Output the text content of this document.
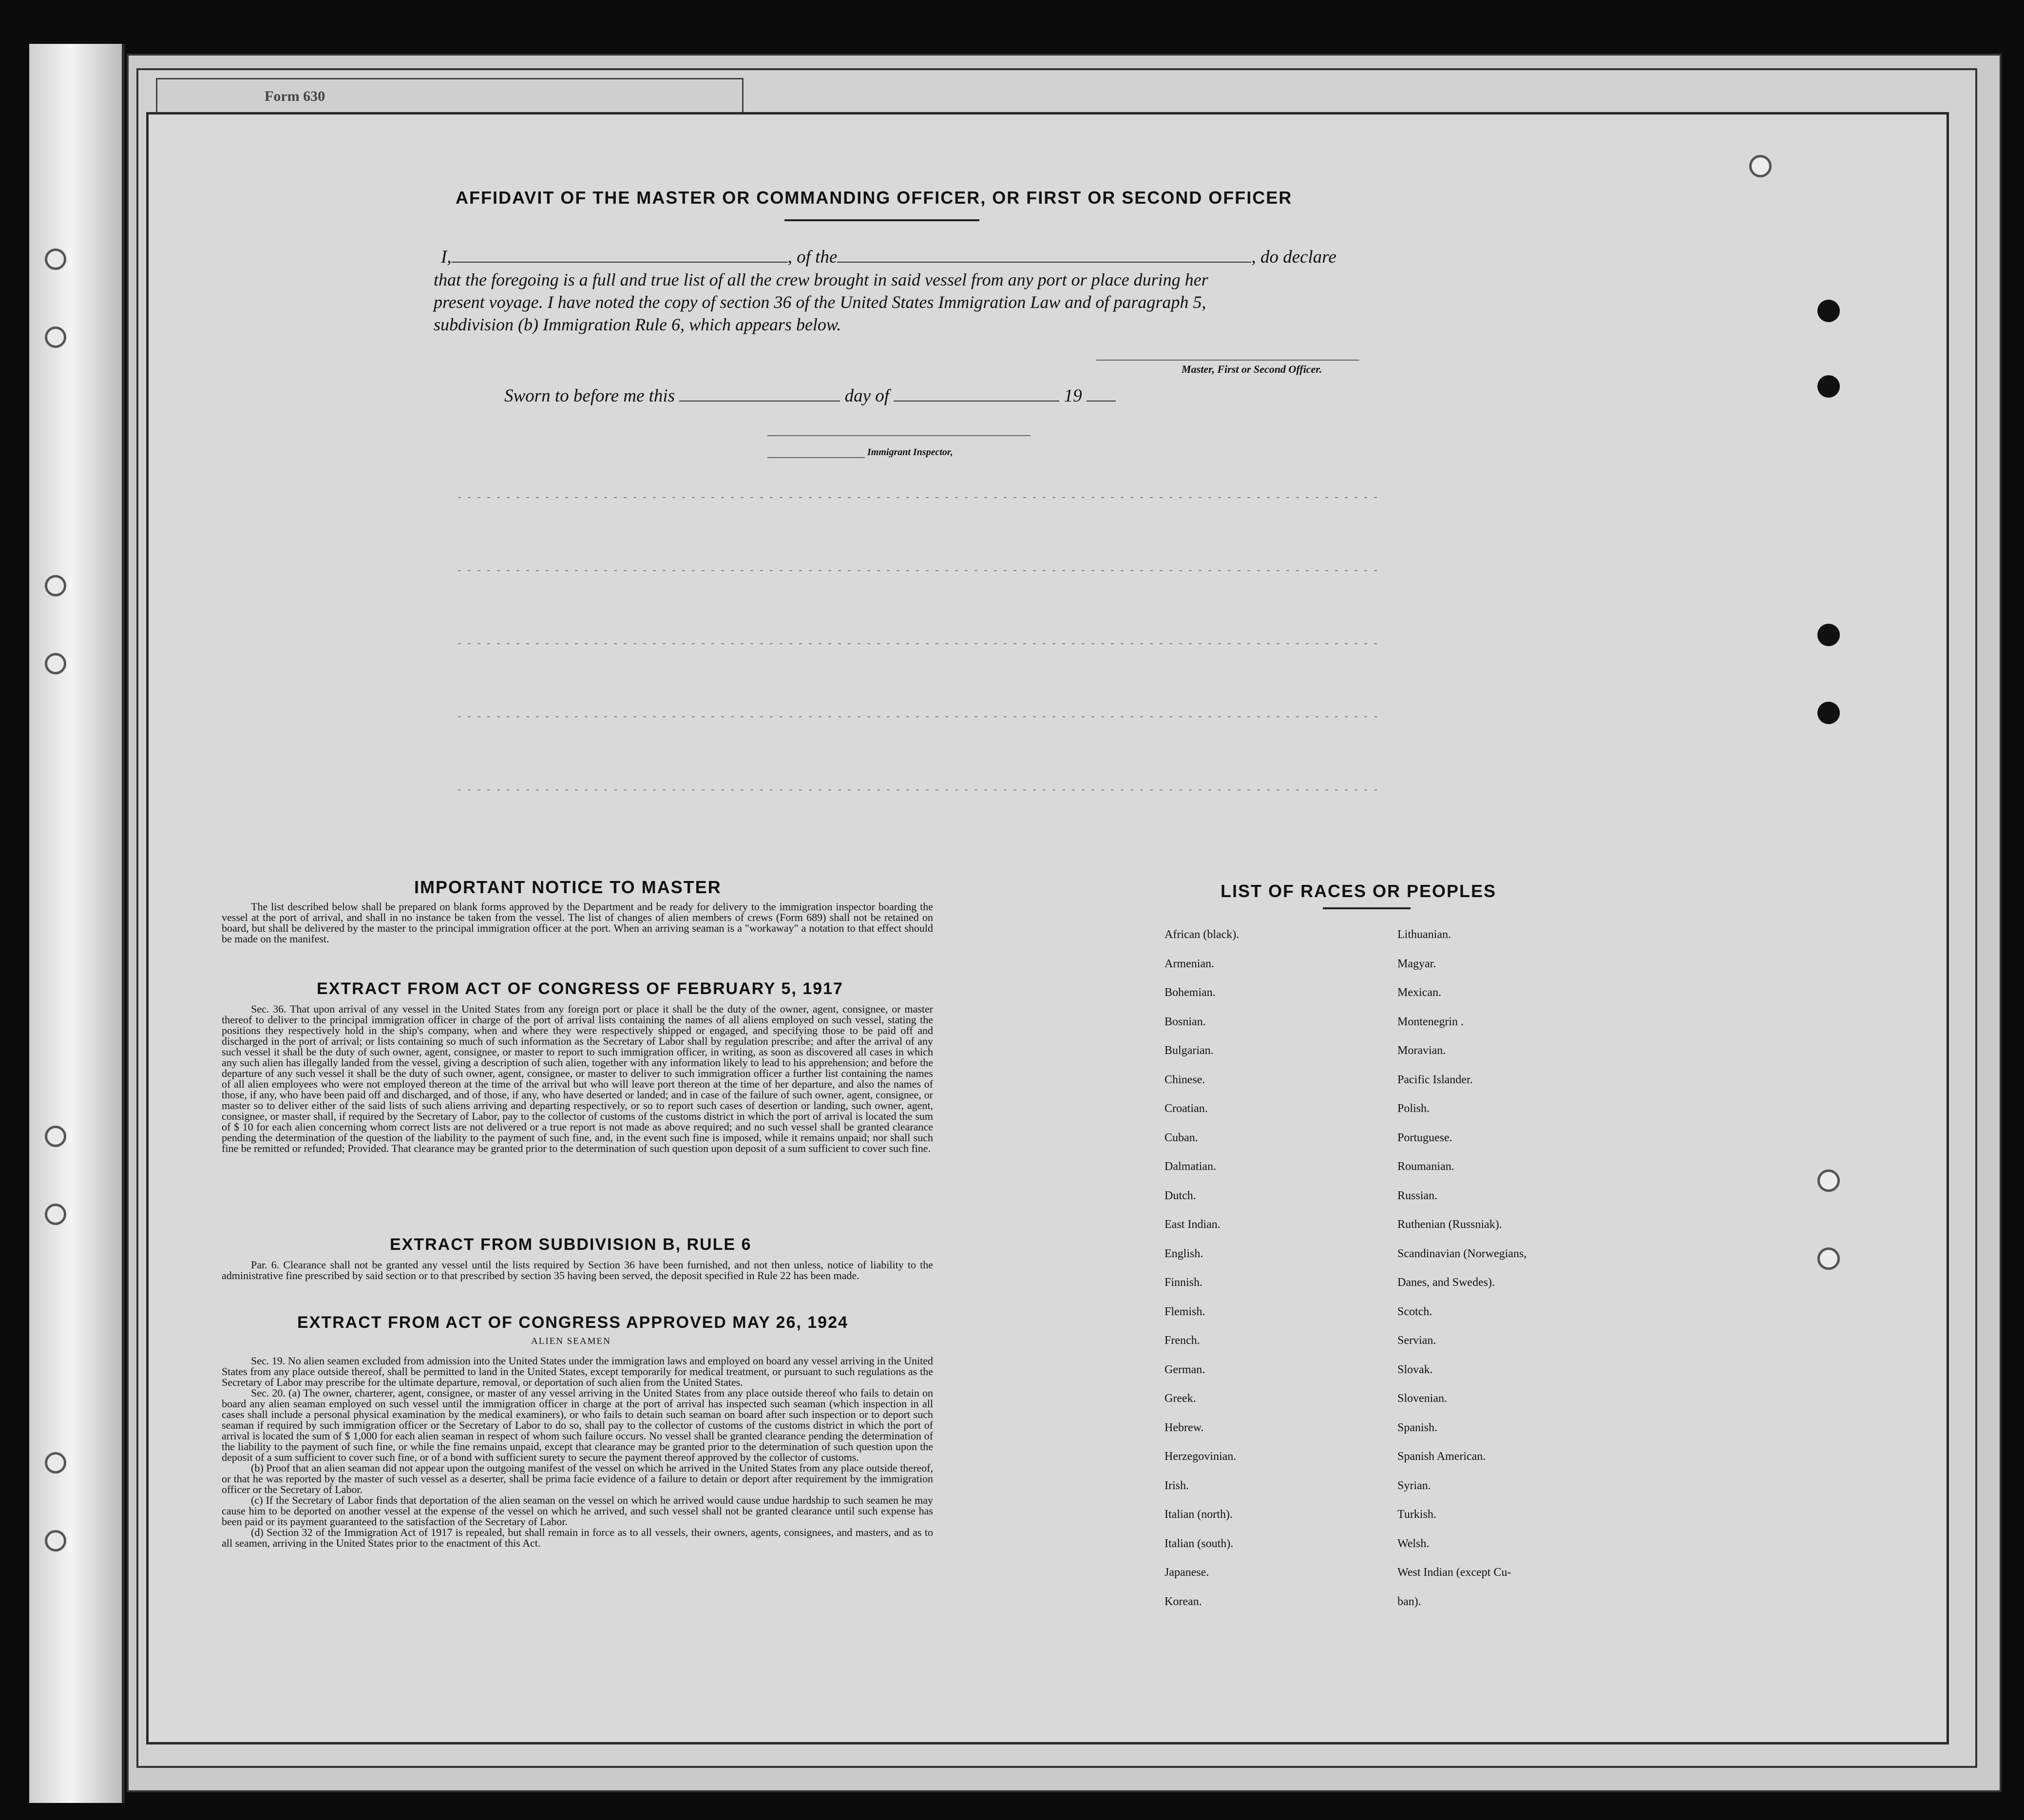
Form 630
AFFIDAVIT OF THE MASTER OR COMMANDING OFFICER, OR FIRST OR SECOND OFFICER
I,	, of the	, do declare
that the foregoing is a full and true list of all the crew brought in said vessel from any port or place during her
present voyage. I have noted the copy of section 36 of the United States Immigration Law and of paragraph 5,
subdivision (b) Immigration Rule 6, which appears below.
Master, First or Second Officer.
Sworn to before me this	day of	19
Immigrant Inspector,
IMPORTANT NOTICE TO MASTER

The list described below shall be prepared on blank forms approved by the Department and be ready for delivery to the immigration inspector boarding the vessel at the port of arrival, and shall in no instance be taken from the vessel. The list of changes of alien members of crews (Form 689) shall not be retained on board, but shall be delivered by the master to the principal immigration officer at the port. When an arriving seaman is a "workaway" a notation to that effect should be made on the manifest.

EXTRACT FROM ACT OF CONGRESS OF FEBRUARY 5, 1917

Sec. 36. That upon arrival of any vessel in the United States from any foreign port or place it shall be the duty of the owner, agent, consignee, or master thereof to deliver to the principal immigration officer in charge of the port of arrival lists containing the names of all aliens employed on such vessel, stating the positions they respectively hold in the ship's company, when and where they were respectively shipped or engaged, and specifying those to be paid off and discharged in the port of arrival; or lists containing so much of such information as the Secretary of Labor shall by regulation prescribe; and after the arrival of any such vessel it shall be the duty of such owner, agent, consignee, or master to report to such immigration officer, in writing, as soon as discovered all cases in which any such alien has illegally landed from the vessel, giving a description of such alien, together with any information likely to lead to his apprehension; and before the departure of any such vessel it shall be the duty of such owner, agent, consignee, or master to deliver to such immigration officer a further list containing the names of all alien employees who were not employed thereon at the time of the arrival but who will leave port thereon at the time of her departure, and also the names of those, if any, who have been paid off and discharged, and of those, if any, who have deserted or landed; and in case of the failure of such owner, agent, consignee, or master so to deliver either of the said lists of such aliens arriving and departing respectively, or so to report such cases of desertion or landing, such owner, agent, consignee, or master shall, if required by the Secretary of Labor, pay to the collector of customs of the customs district in which the port of arrival is located the sum of $ 10 for each alien concerning whom correct lists are not delivered or a true report is not made as above required; and no such vessel shall be granted clearance pending the determination of the question of the liability to the payment of such fine, and, in the event such fine is imposed, while it remains unpaid; nor shall such fine be remitted or refunded; Provided. That clearance may be granted prior to the determination of such question upon deposit of a sum sufficient to cover such fine.

EXTRACT FROM SUBDIVISION B, RULE 6

Par. 6. Clearance shall not be granted any vessel until the lists required by Section 36 have been furnished, and not then unless, notice of liability to the administrative fine prescribed by said section or to that prescribed by section 35 having been served, the deposit specified in Rule 22 has been made.

EXTRACT FROM ACT OF CONGRESS APPROVED MAY 26, 1924
ALIEN SEAMEN

Sec. 19. No alien seamen excluded from admission into the United States under the immigration laws and employed on board any vessel arriving in the United States from any place outside thereof, shall be permitted to land in the United States, except temporarily for medical treatment, or pursuant to such regulations as the Secretary of Labor may prescribe for the ultimate departure, removal, or deportation of such alien from the United States.

Sec. 20. (a) The owner, charterer, agent, consignee, or master of any vessel arriving in the United States from any place outside thereof who fails to detain on board any alien seaman employed on such vessel until the immigration officer in charge at the port of arrival has inspected such seaman (which inspection in all cases shall include a personal physical examination by the medical examiners), or who fails to detain such seaman on board after such inspection or to deport such seaman if required by such immigration officer or the Secretary of Labor to do so, shall pay to the collector of customs of the customs district in which the port of arrival is located the sum of $ 1,000 for each alien seaman in respect of whom such failure occurs. No vessel shall be granted clearance pending the determination of the liability to the payment of such fine, or while the fine remains unpaid, except that clearance may be granted prior to the determination of such question upon the deposit of a sum sufficient to cover such fine, or of a bond with sufficient surety to secure the payment thereof approved by the collector of customs.

(b) Proof that an alien seaman did not appear upon the outgoing manifest of the vessel on which he arrived in the United States from any place outside thereof, or that he was reported by the master of such vessel as a deserter, shall be prima facie evidence of a failure to detain or deport after requirement by the immigration officer or the Secretary of Labor.

(c) If the Secretary of Labor finds that deportation of the alien seaman on the vessel on which he arrived would cause undue hardship to such seamen he may cause him to be deported on another vessel at the expense of the vessel on which he arrived, and such vessel shall not be granted clearance until such expense has been paid or its payment guaranteed to the satisfaction of the Secretary of Labor.

(d) Section 32 of the Immigration Act of 1917 is repealed, but shall remain in force as to all vessels, their owners, agents, consignees, and masters, and as to all seamen, arriving in the United States prior to the enactment of this Act.

LIST OF RACES OR PEOPLES
African (black).
Armenian.
Bohemian.
Bosnian.
Bulgarian.
Chinese.
Croatian.
Cuban.
Dalmatian.
Dutch.
East Indian.
English.
Finnish.
Flemish.
French.
German.
Greek.
Hebrew.
Herzegovinian.
Irish.
Italian (north).
Italian (south).
Japanese.
Korean.
Lithuanian.
Magyar.
Mexican.
Montenegrin .
Moravian.
Pacific Islander.
Polish.
Portuguese.
Roumanian.
Russian.
Ruthenian (Russniak).
Scandinavian (Norwegians,
Danes, and Swedes).
Scotch.
Servian.
Slovak.
Slovenian.
Spanish.
Spanish American.
Syrian.
Turkish.
Welsh.
West Indian (except Cu-
ban).
